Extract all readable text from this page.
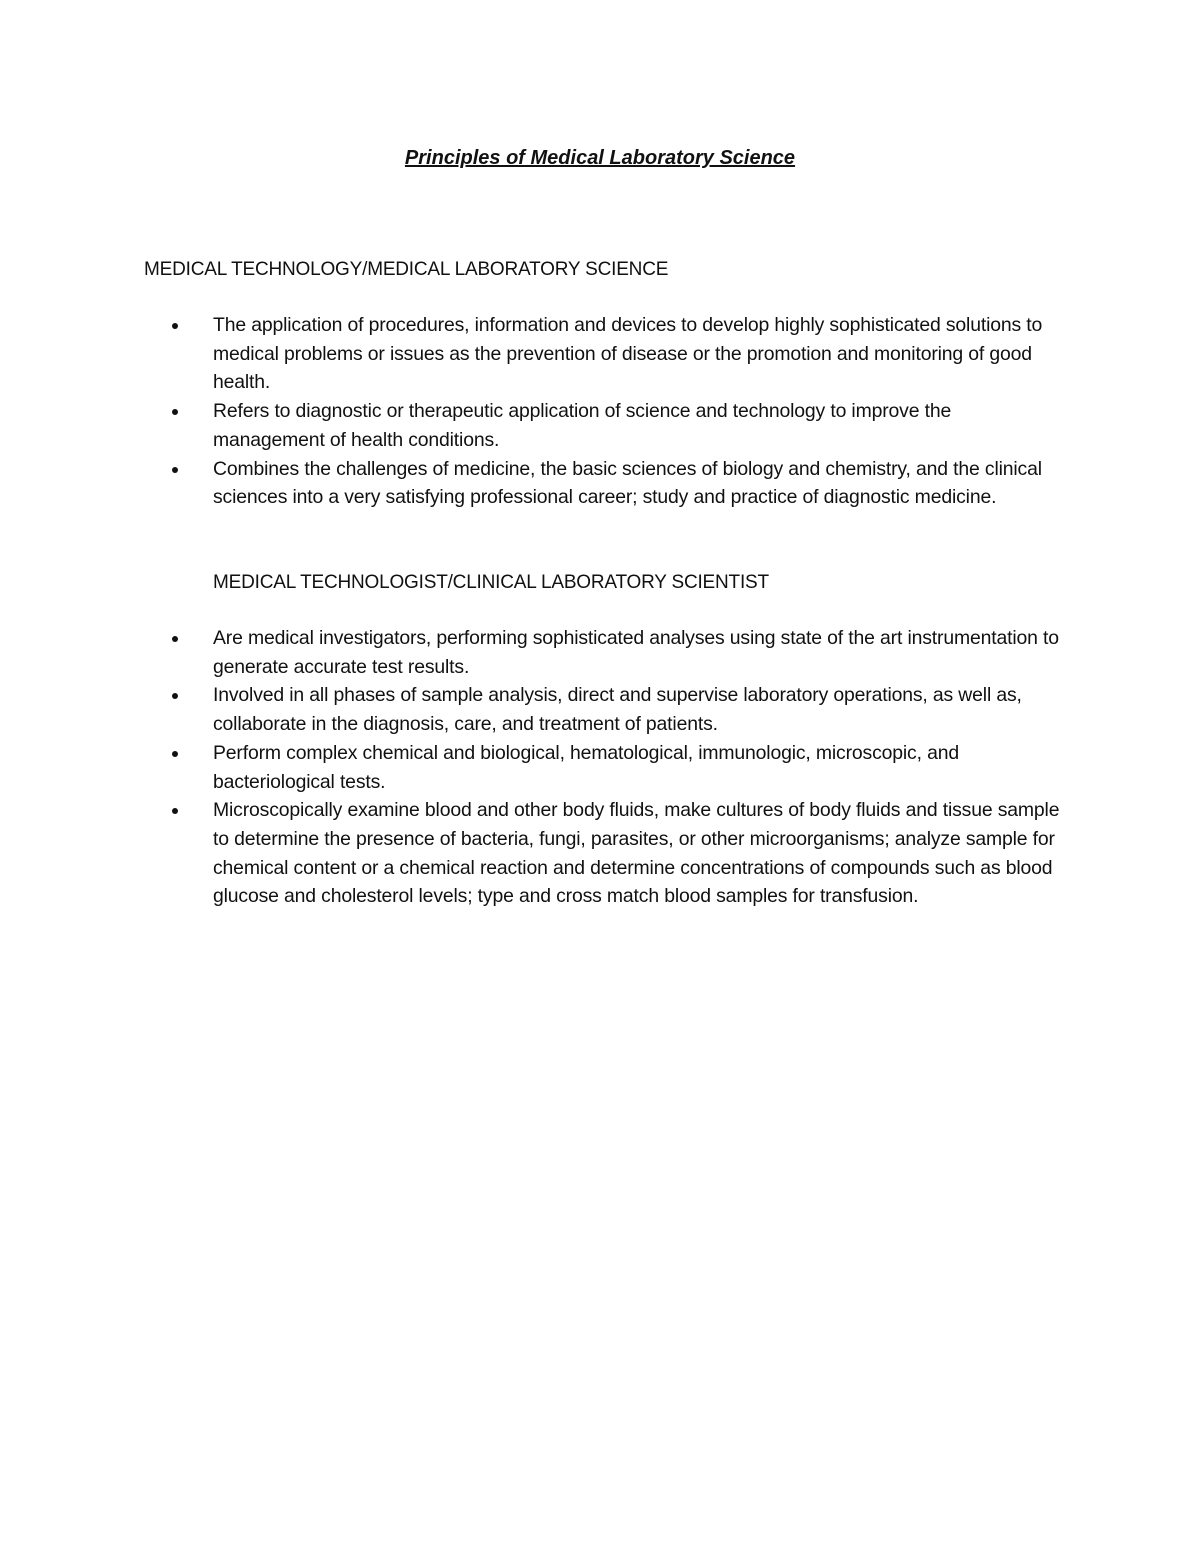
Principles of Medical Laboratory Science
MEDICAL TECHNOLOGY/MEDICAL LABORATORY SCIENCE
The application of procedures, information and devices to develop highly sophisticated solutions to medical problems or issues as the prevention of disease or the promotion and monitoring of good health.
Refers to diagnostic or therapeutic application of science and technology to improve the management of health conditions.
Combines the challenges of medicine, the basic sciences of biology and chemistry, and the clinical sciences into a very satisfying professional career; study and practice of diagnostic medicine.
MEDICAL TECHNOLOGIST/CLINICAL LABORATORY SCIENTIST
Are medical investigators, performing sophisticated analyses using state of the art instrumentation to generate accurate test results.
Involved in all phases of sample analysis, direct and supervise laboratory operations, as well as, collaborate in the diagnosis, care, and treatment of patients.
Perform complex chemical and biological, hematological, immunologic, microscopic, and bacteriological tests.
Microscopically examine blood and other body fluids, make cultures of body fluids and tissue sample to determine the presence of bacteria, fungi, parasites, or other microorganisms; analyze sample for chemical content or a chemical reaction and determine concentrations of compounds such as blood glucose and cholesterol levels; type and cross match blood samples for transfusion.
